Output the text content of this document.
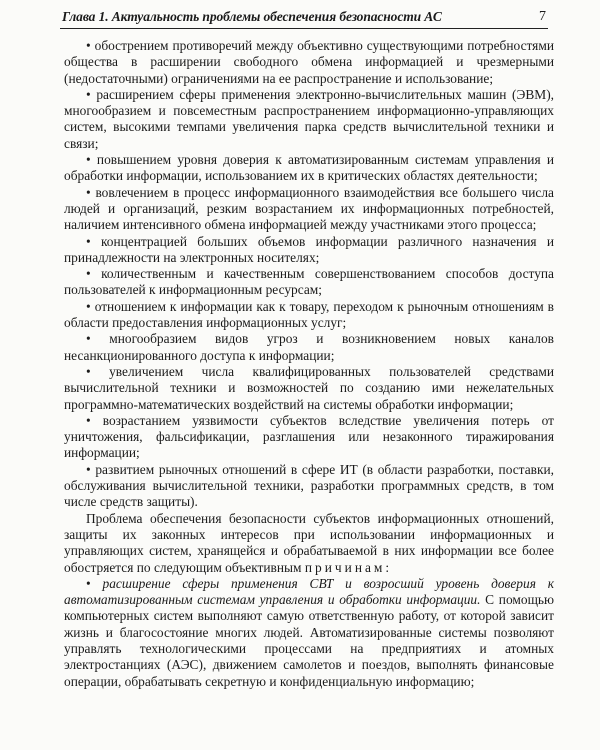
Глава 1. Актуальность проблемы обеспечения безопасности АС	7

• обострением противоречий между объективно существующими потребностями общества в расширении свободного обмена информацией и чрезмерными (недостаточными) ограничениями на ее распространение и использование;

• расширением сферы применения электронно-вычислительных машин (ЭВМ), многообразием и повсеместным распространением информационно-управляющих систем, высокими темпами увеличения парка средств вычислительной техники и связи;

• повышением уровня доверия к автоматизированным системам управления и обработки информации, использованием их в критических областях деятельности;

• вовлечением в процесс информационного взаимодействия все большего числа людей и организаций, резким возрастанием их информационных потребностей, наличием интенсивного обмена информацией между участниками этого процесса;

• концентрацией больших объемов информации различного назначения и принадлежности на электронных носителях;

• количественным и качественным совершенствованием способов доступа пользователей к информационным ресурсам;

• отношением к информации как к товару, переходом к рыночным отношениям в области предоставления информационных услуг;

• многообразием видов угроз и возникновением новых каналов несанкционированного доступа к информации;

• увеличением числа квалифицированных пользователей средствами вычислительной техники и возможностей по созданию ими нежелательных программно-математических воздействий на системы обработки информации;

• возрастанием уязвимости субъектов вследствие увеличения потерь от уничтожения, фальсификации, разглашения или незаконного тиражирования информации;

• развитием рыночных отношений в сфере ИТ (в области разработки, поставки, обслуживания вычислительной техники, разработки программных средств, в том числе средств защиты).

Проблема обеспечения безопасности субъектов информационных отношений, защиты их законных интересов при использовании информационных и управляющих систем, хранящейся и обрабатываемой в них информации все более обостряется по следующим объективным причинам:

• расширение сферы применения СВТ и возросший уровень доверия к автоматизированным системам управления и обработки информации. С помощью компьютерных систем выполняют самую ответственную работу, от которой зависит жизнь и благосостояние многих людей. Автоматизированные системы позволяют управлять технологическими процессами на предприятиях и атомных электростанциях (АЭС), движением самолетов и поездов, выполнять финансовые операции, обрабатывать секретную и конфиденциальную информацию;
